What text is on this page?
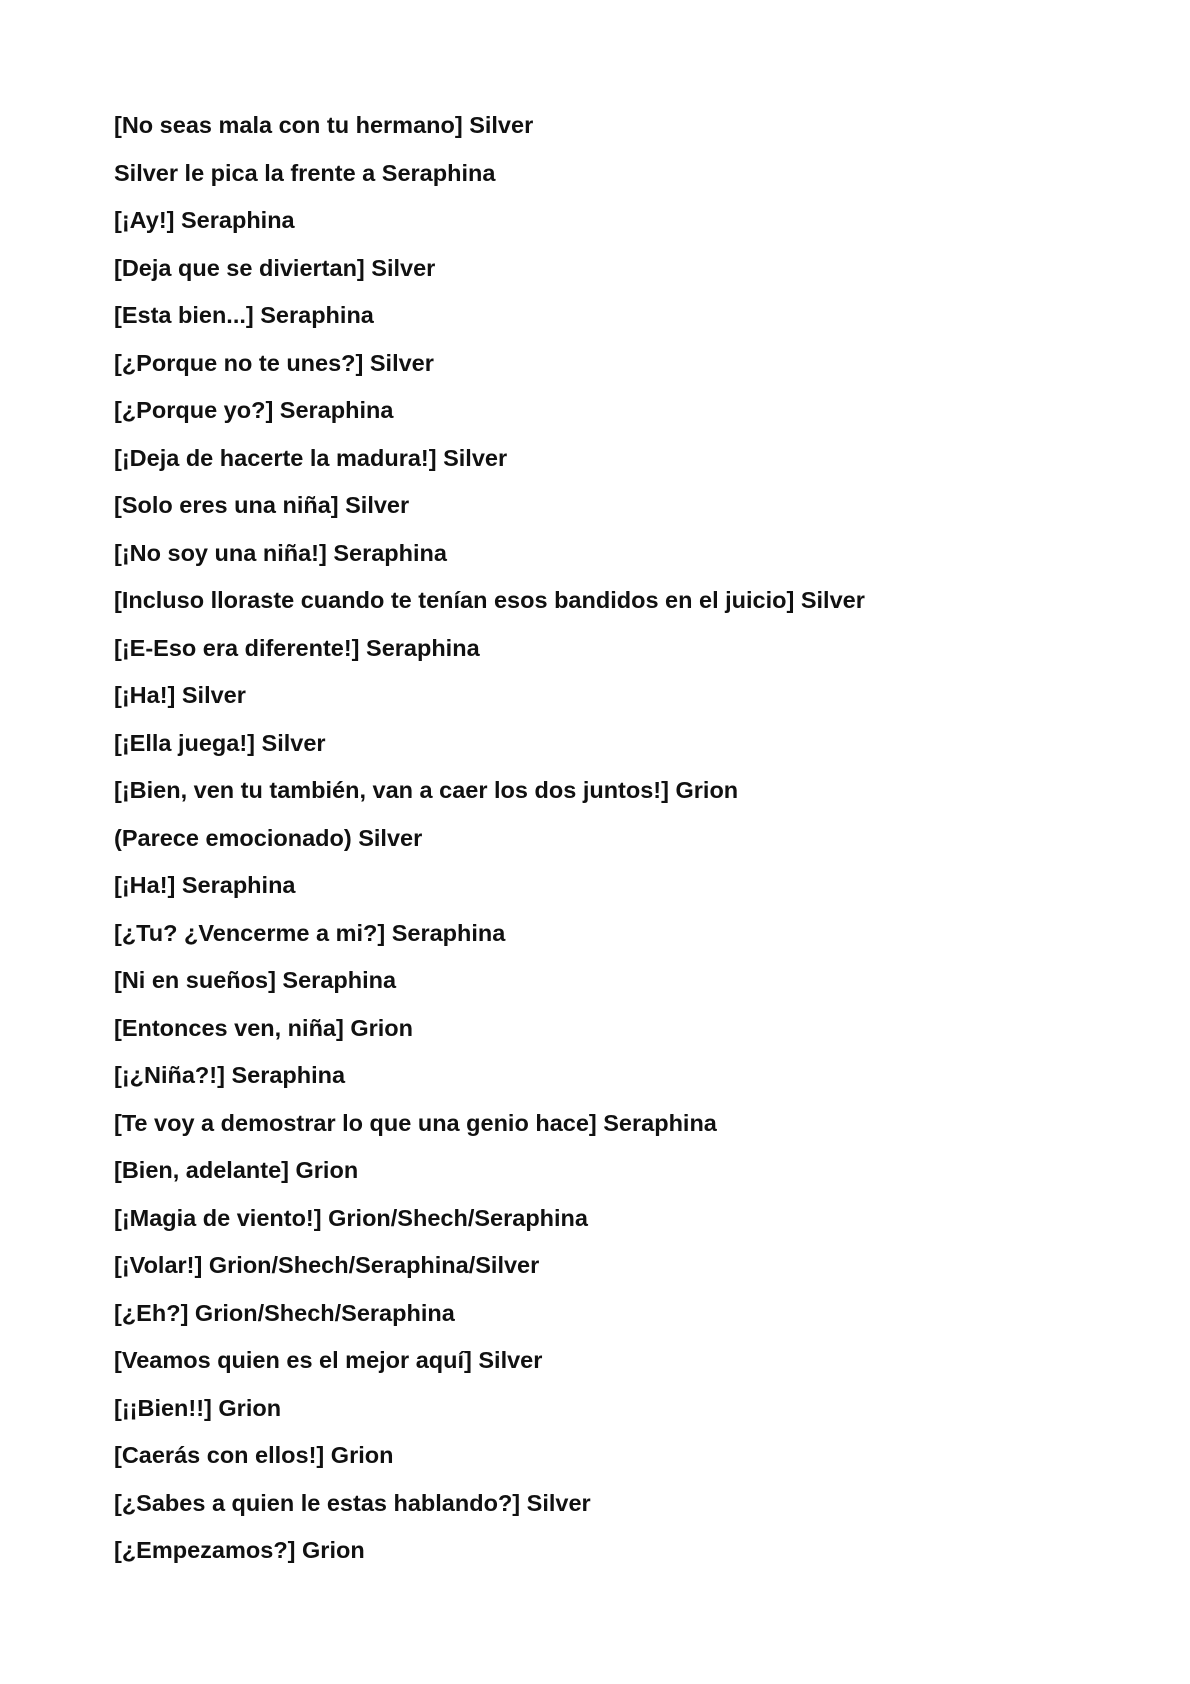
[No seas mala con tu hermano] Silver
Silver le pica la frente a Seraphina
[¡Ay!] Seraphina
[Deja que se diviertan] Silver
[Esta bien...] Seraphina
[¿Porque no te unes?] Silver
[¿Porque yo?] Seraphina
[¡Deja de hacerte la madura!] Silver
[Solo eres una niña] Silver
[¡No soy una niña!] Seraphina
[Incluso lloraste cuando te tenían esos bandidos en el juicio] Silver
[¡E-Eso era diferente!] Seraphina
[¡Ha!] Silver
[¡Ella juega!] Silver
[¡Bien, ven tu también, van a caer los dos juntos!] Grion
(Parece emocionado) Silver
[¡Ha!] Seraphina
[¿Tu? ¿Vencerme a mi?] Seraphina
[Ni en sueños] Seraphina
[Entonces ven, niña] Grion
[¡¿Niña?!] Seraphina
[Te voy a demostrar lo que una genio hace] Seraphina
[Bien, adelante] Grion
[¡Magia de viento!] Grion/Shech/Seraphina
[¡Volar!] Grion/Shech/Seraphina/Silver
[¿Eh?] Grion/Shech/Seraphina
[Veamos quien es el mejor aquí] Silver
[¡¡Bien!!] Grion
[Caerás con ellos!] Grion
[¿Sabes a quien le estas hablando?] Silver
[¿Empezamos?] Grion
